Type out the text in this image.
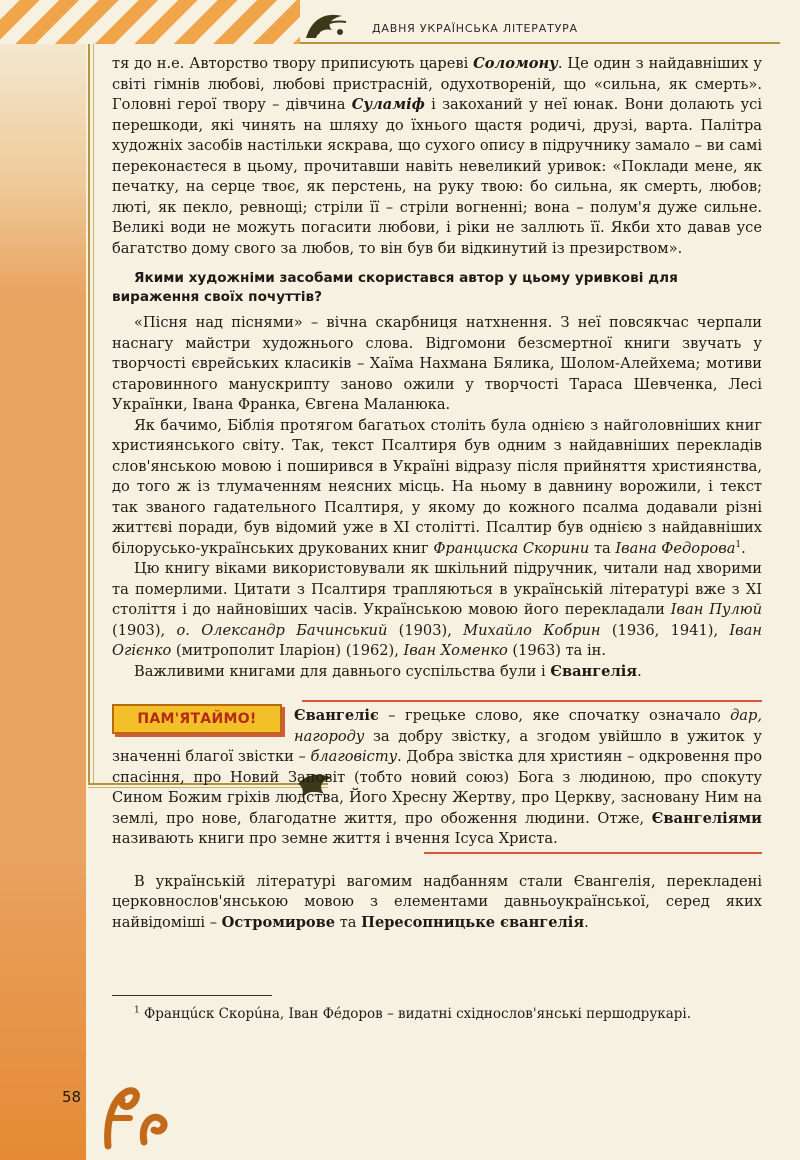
ДАВНЯ УКРАЇНСЬКА ЛІТЕРАТУРА

тя до н.е. Авторство твору приписують цареві Соломону. Це один з найдавніших у світі гімнів любові, любові пристрасній, одухотвореній, що «сильна, як смерть». Головні герої твору – дівчина Суламіф і закоханий у неї юнак. Вони долають усі перешкоди, які чинять на шляху до їхнього щастя родичі, друзі, варта. Палітра художніх засобів настільки яскрава, що сухого опису в підручнику замало – ви самі переконаєтеся в цьому, прочитавши навіть невеликий уривок: «Поклади мене, як печатку, на серце твоє, як перстень, на руку твою: бо сильна, як смерть, любов; люті, як пекло, ревнощі; стріли її – стріли вогненні; вона – полум'я дуже сильне. Великі води не можуть погасити любови, і ріки не заллють її. Якби хто давав усе багатство дому свого за любов, то він був би відкинутий із презирством».

Якими художніми засобами скористався автор у цьому уривкові для вираження своїх почуттів?

«Пісня над піснями» – вічна скарбниця натхнення. З неї повсякчас черпали наснагу майстри художнього слова. Відгомони безсмертної книги звучать у творчості єврейських класиків – Хаїма Нахмана Бялика, Шолом-Алейхема; мотиви старовинного манускрипту заново ожили у творчості Тараса Шевченка, Лесі Українки, Івана Франка, Євгена Маланюка.

Як бачимо, Біблія протягом багатьох століть була однією з найголовніших книг християнського світу. Так, текст Псалтиря був одним з найдавніших перекладів слов'янською мовою і поширився в Україні відразу після прийняття християнства, до того ж із тлумаченням неясних місць. На ньому в давнину ворожили, і текст так званого гадательного Псалтиря, у якому до кожного псалма додавали різні життєві поради, був відомий уже в XI столітті. Псалтир був однією з найдавніших білорусько-українських друкованих книг Франциска Скорини та Івана Федорова$^1$.

Цю книгу віками використовували як шкільний підручник, читали над хворими та померлими. Цитати з Псалтиря трапляються в українській літературі вже з XI століття і до найновіших часів. Українською мовою його перекладали Іван Пулюй (1903), о. Олександр Бачинський (1903), Михайло Кобрин (1936, 1941), Іван Огієнко (митрополит Іларіон) (1962), Іван Хоменко (1963) та ін.

Важливими книгами для давнього суспільства були і Євангелія.

ПАМ'ЯТАЙМО!	Євангеліє – грецьке слово, яке спочатку означало дар, нагороду за добру звістку, а згодом увійшло в ужиток у значенні благої звістки – благовісту. Добра звістка для християн – одкровення про спасіння, про Новий Заповіт (тобто новий союз) Бога з людиною, про спокуту Сином Божим гріхів людства, Його Хресну Жертву, про Церкву, засновану Ним на землі, про нове, благодатне життя, про обоження людини. Отже, Євангеліями називають книги про земне життя і вчення Ісуса Христа.

В українській літературі вагомим надбанням стали Євангелія, перекладені церковнослов'янською мовою з елементами давньоукраїнської, серед яких найвідоміші – Остромирове та Пересопницьке євангелія.

$^1$ Францúск Скорúна, Іван Фéдоров – видатні східнослов'янські першодрукарі.

58
